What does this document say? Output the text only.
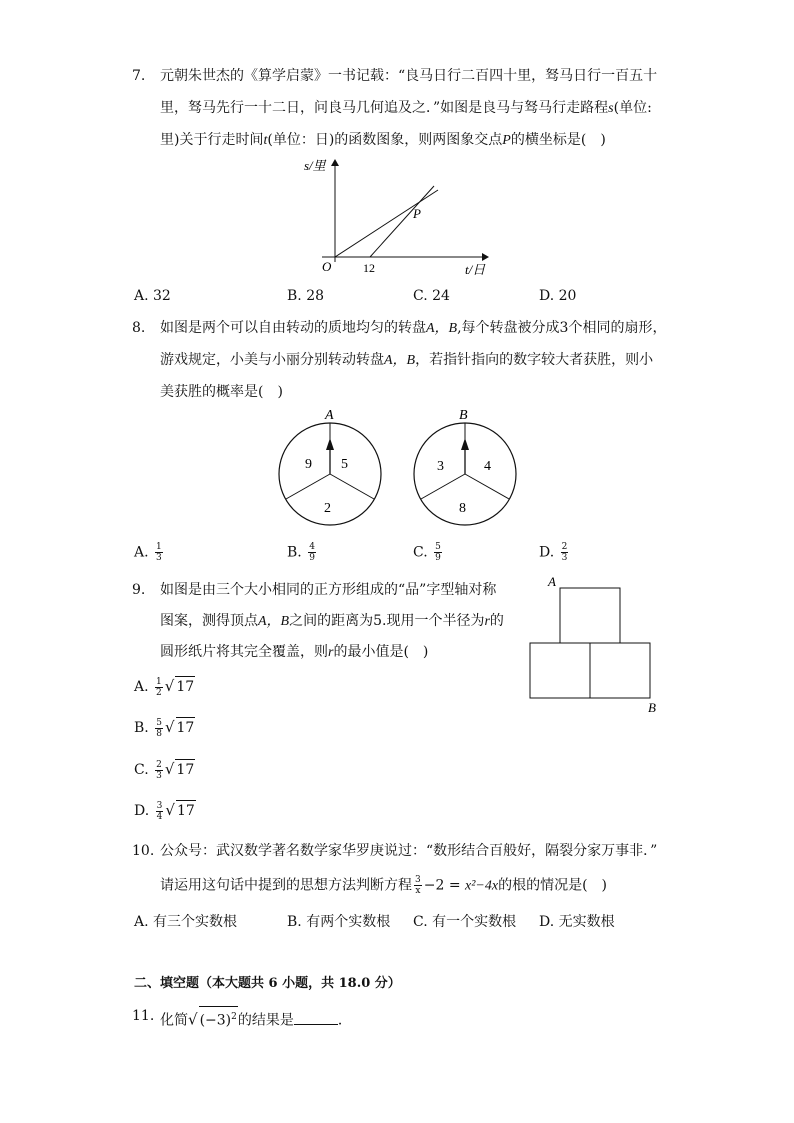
7. 元朝朱世杰的《算学启蒙》一书记载：“良马日行二百四十里，驽马日行一百五十
里，驽马先行一十二日，问良马几何追及之．”如图是良马与驽马行走路程s(单位:
里)关于行走时间t(单位：日)的函数图象，则两图象交点P的横坐标是(　)
s/里
t/日
O	12
P
A. 32	B. 28	C. 24	D. 20
8. 如图是两个可以自由转动的质地均匀的转盘A，B,每个转盘被分成3个相同的扇形，
游戏规定，小美与小丽分别转动转盘A，B，若指针指向的数字较大者获胜，则小
美获胜的概率是(　)
A
9 5
2
B
3	4
8
A. $\frac{1}{3}$	B. $\frac{4}{9}$	C. $\frac{5}{9}$	D. $\frac{2}{3}$
9. 如图是由三个大小相同的正方形组成的“品”字型轴对称
图案，测得顶点A，B之间的距离为5.现用一个半径为r的
圆形纸片将其完全覆盖，则r的最小值是(　)
A
B
A. $\frac{1}{2}$ √ 17
B. $\frac{5}{8}$ √ 17
C. $\frac{2}{3}$ √ 17
D. $\frac{3}{4}$ √ 17
10. 公众号：武汉数学著名数学家华罗庚说过：“数形结合百般好，隔裂分家万事非．”
请运用这句话中提到的思想方法判断方程 $\frac{3}{x} -2 = x^2-4x$的根的情况是(　)
A. 有三个实数根	B. 有两个实数根 C. 有一个实数根 D. 无实数根
二、填空题（本大题共 6 小题，共 18.0 分）
11. 化简√ $(-3)^2$的结果是	．
